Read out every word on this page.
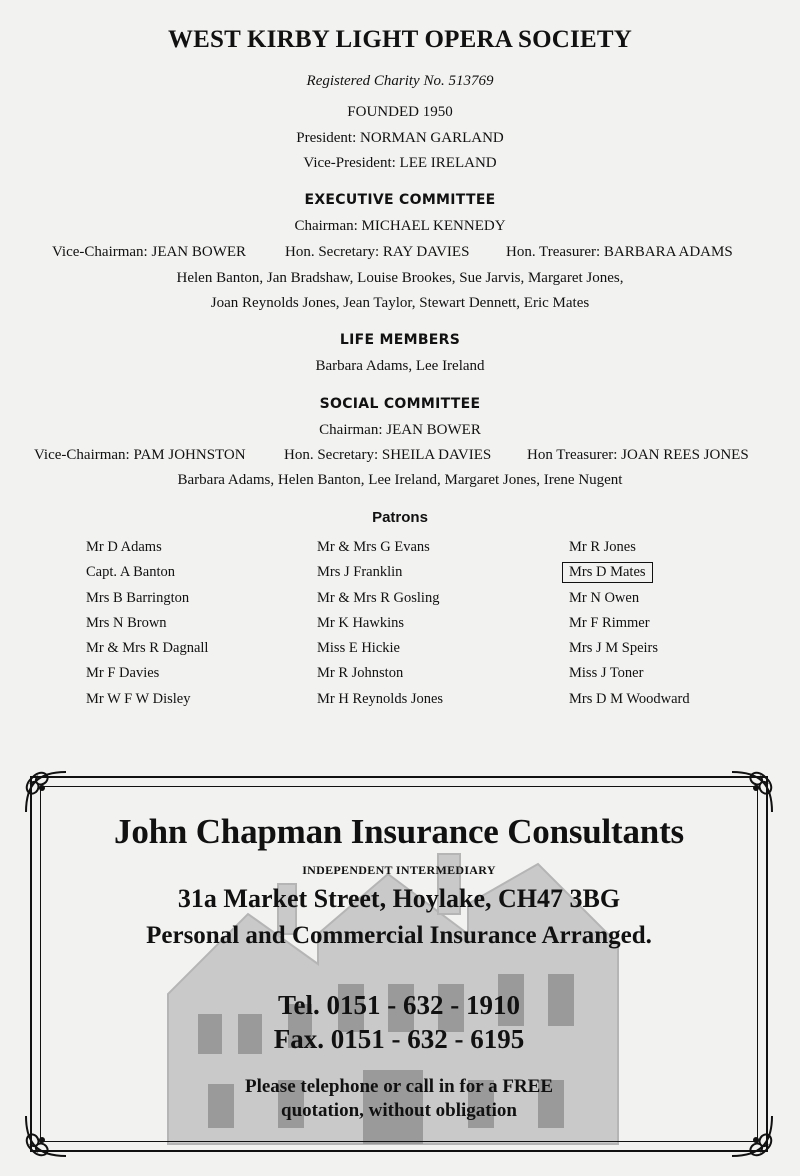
WEST KIRBY LIGHT OPERA SOCIETY
Registered Charity No. 513769
FOUNDED 1950
President: NORMAN GARLAND
Vice-President: LEE IRELAND
EXECUTIVE COMMITTEE
Chairman: MICHAEL KENNEDY
Vice-Chairman: JEAN BOWER	Hon. Secretary: RAY DAVIES Hon. Treasurer: BARBARA ADAMS
Helen Banton, Jan Bradshaw, Louise Brookes, Sue Jarvis, Margaret Jones,
Joan Reynolds Jones, Jean Taylor, Stewart Dennett, Eric Mates
LIFE MEMBERS
Barbara Adams, Lee Ireland
SOCIAL COMMITTEE
Chairman: JEAN BOWER
Vice-Chairman: PAM JOHNSTON	Hon. Secretary: SHEILA DAVIES Hon Treasurer: JOAN REES JONES
Barbara Adams, Helen Banton, Lee Ireland, Margaret Jones, Irene Nugent
Patrons
Mr D Adams
Capt. A Banton
Mrs B Barrington
Mrs N Brown
Mr & Mrs R Dagnall
Mr F Davies
Mr W F W Disley
Mr & Mrs G Evans
Mrs J Franklin
Mr & Mrs R Gosling
Mr K Hawkins
Miss E Hickie
Mr R Johnston
Mr H Reynolds Jones
Mr R Jones
Mrs D Mates
Mr N Owen
Mr F Rimmer
Mrs J M Speirs
Miss J Toner
Mrs D M Woodward
John Chapman Insurance Consultants
INDEPENDENT INTERMEDIARY
31a Market Street, Hoylake, CH47 3BG
Personal and Commercial Insurance Arranged.
Tel. 0151 - 632 - 1910
Fax. 0151 - 632 - 6195
Please telephone or call in for a FREE
quotation, without obligation
